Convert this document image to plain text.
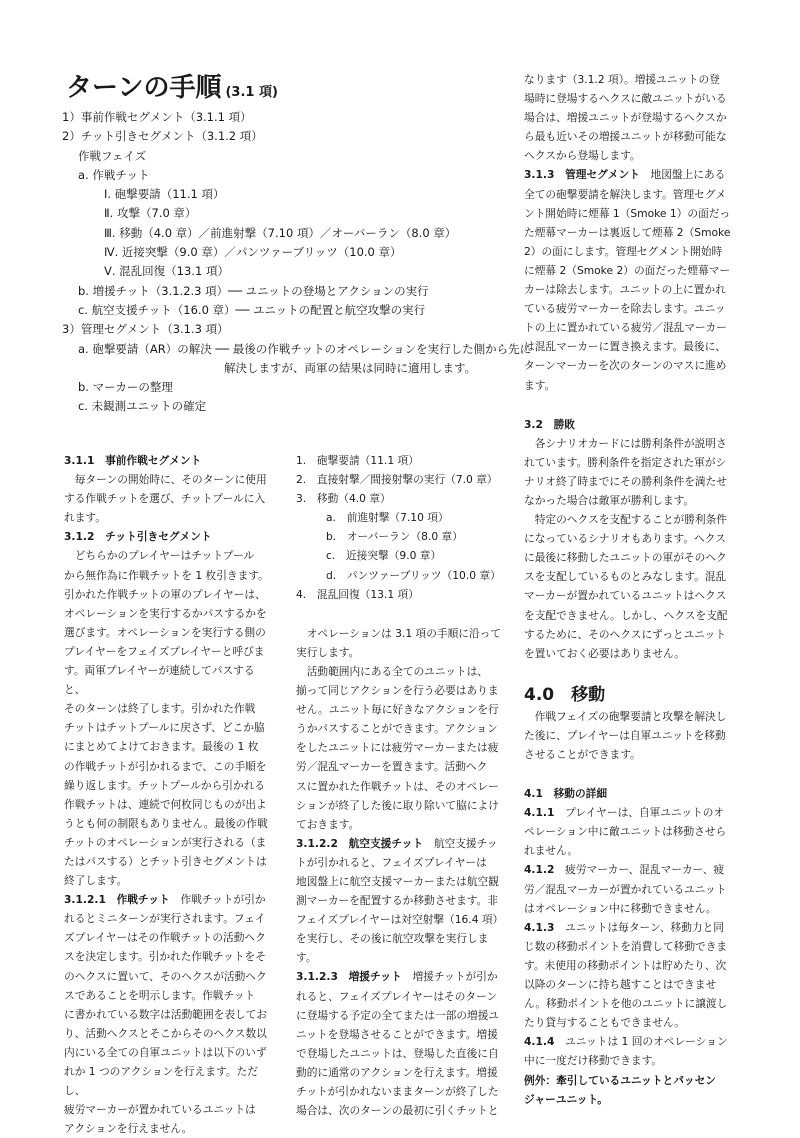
ターンの手順 (3.1 項)
1）事前作戦セグメント（3.1.1 項）
2）チット引きセグメント（3.1.2 項）
作戦フェイズ
a. 作戦チット
Ⅰ. 砲撃要請（11.1 項）
Ⅱ. 攻撃（7.0 章）
Ⅲ. 移動（4.0 章）／前進射撃（7.10 項）／オーバーラン（8.0 章）
Ⅳ. 近接突撃（9.0 章）／パンツァーブリッツ（10.0 章）
Ⅴ. 混乱回復（13.1 項）
b. 増援チット（3.1.2.3 項）── ユニットの登場とアクションの実行
c. 航空支援チット（16.0 章）── ユニットの配置と航空攻撃の実行
3）管理セグメント（3.1.3 項）
a. 砲撃要請（AR）の解決 ── 最後の作戦チットのオペレーションを実行した側から先に
解決しますが、両軍の結果は同時に適用します。
b. マーカーの整理
c. 未観測ユニットの確定

3.1.1　事前作戦セグメント

毎ターンの開始時に、そのターンに使用
する作戦チットを選び、チットプールに入
れます。

3.1.2　チット引きセグメント

どちらかのプレイヤーはチットプール
から無作為に作戦チットを 1 枚引きます。
引かれた作戦チットの軍のプレイヤーは、
オペレーションを実行するかパスするかを
選びます。オペレーションを実行する側の
プレイヤーをフェイズプレイヤーと呼びま
す。両軍プレイヤーが連続してパスすると、
そのターンは終了します。引かれた作戦
チットはチットプールに戻さず、どこか脇
にまとめてよけておきます。最後の 1 枚
の作戦チットが引かれるまで、この手順を
繰り返します。チットプールから引かれる
作戦チットは、連続で何枚同じものが出よ
うとも何の制限もありません。最後の作戦
チットのオペレーションが実行される（ま
たはパスする）とチット引きセグメントは
終了します。
3.1.2.1　作戦チット　 作戦チットが引か
れるとミニターンが実行されます。フェイ
ズプレイヤーはその作戦チットの活動ヘク
スを決定します。引かれた作戦チットをそ
のヘクスに置いて、そのヘクスが活動ヘク
スであることを明示します。作戦チット
に書かれている数字は活動範囲を表してお
り、活動ヘクスとそこからそのヘクス数以
内にいる全ての自軍ユニットは以下のいず
れか 1 つのアクションを行えます。ただし、
疲労マーカーが置かれているユニットは
アクションを行えません。
1.　砲撃要請（11.1 項）
2.　直接射撃／間接射撃の実行（7.0 章）
3.　移動（4.0 章）
a.　前進射撃（7.10 項）
b.　オーバーラン（8.0 章）
c.　近接突撃（9.0 章）
d.　パンツァーブリッツ（10.0 章）
4.　混乱回復（13.1 項）
オペレーションは 3.1 項の手順に沿って
実行します。
活動範囲内にある全てのユニットは、
揃って同じアクションを行う必要はありま
せん。ユニット毎に好きなアクションを行
うかパスすることができます。アクション
をしたユニットには疲労マーカーまたは疲
労／混乱マーカーを置きます。活動ヘク
スに置かれた作戦チットは、そのオペレー
ションが終了した後に取り除いて脇によけ
ておきます。
3.1.2.2　航空支援チット　 航空支援チッ
トが引かれると、フェイズプレイヤーは
地図盤上に航空支援マーカーまたは航空観
測マーカーを配置するか移動させます。非
フェイズプレイヤーは対空射撃（16.4 項）
を実行し、その後に航空攻撃を実行します。
3.1.2.3　増援チット　 増援チットが引か
れると、フェイズプレイヤーはそのターン
に登場する予定の全てまたは一部の増援ユ
ニットを登場させることができます。増援
で登場したユニットは、登場した直後に自
動的に通常のアクションを行えます。増援
チットが引かれないままターンが終了した
場合は、次のターンの最初に引くチットと
なります（3.1.2 項）。増援ユニットの登
場時に登場するヘクスに敵ユニットがいる
場合は、増援ユニットが登場するヘクスか
ら最も近いその増援ユニットが移動可能な
ヘクスから登場します。
3.1.3　管理セグメント　 地図盤上にある
全ての砲撃要請を解決します。管理セグメ
ント開始時に煙幕 1（Smoke 1）の面だっ
た煙幕マーカーは裏返して煙幕 2（Smoke
2）の面にします。管理セグメント開始時
に煙幕 2（Smoke 2）の面だった煙幕マー
カーは除去します。ユニットの上に置かれ
ている疲労マーカーを除去します。ユニッ
トの上に置かれている疲労／混乱マーカー
は混乱マーカーに置き換えます。最後に、
ターンマーカーを次のターンのマスに進め
ます。

3.2　勝敗

各シナリオカードには勝利条件が説明さ
れています。勝利条件を指定された軍がシ
ナリオ終了時までにその勝利条件を満たせ
なかった場合は敵軍が勝利します。
特定のヘクスを支配することが勝利条件
になっているシナリオもあります。ヘクス
に最後に移動したユニットの軍がそのヘク
スを支配しているものとみなします。混乱
マーカーが置かれているユニットはヘクス
を支配できません。しかし、ヘクスを支配
するために、そのヘクスにずっとユニット
を置いておく必要はありません。
4.0　移動
作戦フェイズの砲撃要請と攻撃を解決し
た後に、プレイヤーは自軍ユニットを移動
させることができます。

4.1　移動の詳細

4.1.1　 プレイヤーは、自軍ユニットのオ
ペレーション中に敵ユニットは移動させら
れません。
4.1.2　 疲労マーカー、混乱マーカー、疲
労／混乱マーカーが置かれているユニット
はオペレーション中に移動できません。
4.1.3　 ユニットは毎ターン、移動力と同
じ数の移動ポイントを消費して移動できま
す。未使用の移動ポイントは貯めたり、次
以降のターンに持ち越すことはできませ
ん。移動ポイントを他のユニットに譲渡し
たり貸与することもできません。
4.1.4　 ユニットは 1 回のオペレーション
中に一度だけ移動できます。
例外：牽引しているユニットとパッセン
ジャーユニット。
